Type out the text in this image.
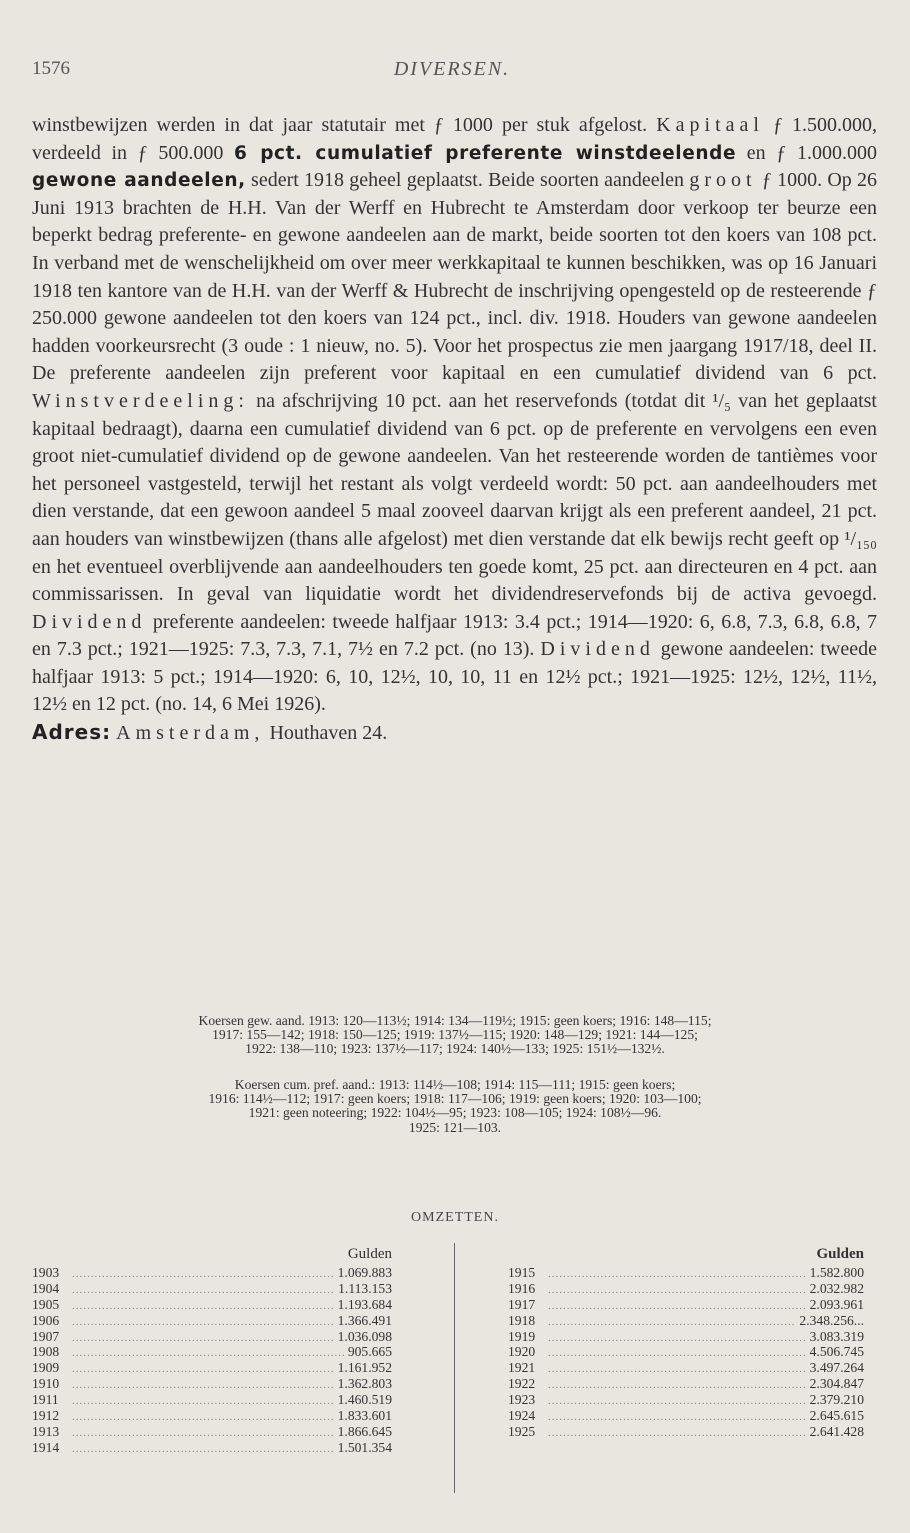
1576	DIVERSEN.
winstbewijzen werden in dat jaar statutair met ƒ 1000 per stuk afgelost. Kapitaal ƒ 1.500.000, verdeeld in ƒ 500.000 6 pct. cumulatief preferente winstdeelende en ƒ 1.000.000 gewone aandeelen, sedert 1918 geheel geplaatst. Beide soorten aandeelen groot ƒ 1000. Op 26 Juni 1913 brachten de H.H. Van der Werff en Hubrecht te Amsterdam door verkoop ter beurze een beperkt bedrag preferente- en gewone aandeelen aan de markt, beide soorten tot den koers van 108 pct. In verband met de wenschelijkheid om over meer werkkapitaal te kunnen beschikken, was op 16 Januari 1918 ten kantore van de H.H. van der Werff & Hubrecht de inschrijving opengesteld op de resteerende ƒ 250.000 gewone aandeelen tot den koers van 124 pct., incl. div. 1918. Houders van gewone aandeelen hadden voorkeursrecht (3 oude : 1 nieuw, no. 5). Voor het prospectus zie men jaargang 1917/18, deel II. De preferente aandeelen zijn preferent voor kapitaal en een cumulatief dividend van 6 pct. Winstverdeeling: na afschrijving 10 pct. aan het reservefonds (totdat dit ¹/₅ van het geplaatst kapitaal bedraagt), daarna een cumulatief dividend van 6 pct. op de preferente en vervolgens een even groot niet-cumulatief dividend op de gewone aandeelen. Van het resteerende worden de tantièmes voor het personeel vastgesteld, terwijl het restant als volgt verdeeld wordt: 50 pct. aan aandeelhouders met dien verstande, dat een gewoon aandeel 5 maal zooveel daarvan krijgt als een preferent aandeel, 21 pct. aan houders van winstbewijzen (thans alle afgelost) met dien verstande dat elk bewijs recht geeft op ¹/₁₅₀ en het eventueel overblijvende aan aandeelhouders ten goede komt, 25 pct. aan directeuren en 4 pct. aan commissarissen. In geval van liquidatie wordt het dividendreservefonds bij de activa gevoegd. Dividend preferente aandeelen: tweede halfjaar 1913: 3.4 pct.; 1914—1920: 6, 6.8, 7.3, 6.8, 6.8, 7 en 7.3 pct.; 1921—1925: 7.3, 7.3, 7.1, 7½ en 7.2 pct. (no 13). Dividend gewone aandeelen: tweede halfjaar 1913: 5 pct.; 1914—1920: 6, 10, 12½, 10, 10, 11 en 12½ pct.; 1921—1925: 12½, 12½, 11½, 12½ en 12 pct. (no. 14, 6 Mei 1926).
Adres: Amsterdam, Houthaven 24.
Koersen gew. aand. 1913: 120—113½; 1914: 134—119½; 1915: geen koers; 1916: 148—115;
1917: 155—142; 1918: 150—125; 1919: 137½—115; 1920: 148—129; 1921: 144—125;
1922: 138—110; 1923: 137½—117; 1924: 140½—133; 1925: 151½—132½.
Koersen cum. pref. aand.: 1913: 114½—108; 1914: 115—111; 1915: geen koers;
1916: 114½—112; 1917: geen koers; 1918: 117—106; 1919: geen koers; 1920: 103—100;
1921: geen noteering; 1922: 104½—95; 1923: 108—105; 1924: 108½—96.
1925: 121—103.
OMZETTEN.
Gulden
1903 .....	1.069.883
1904 .....	1.113.153
1905 .....	1.193.684
1906 .....	1.366.491
1907 .....	1.036.098
1908 .....	905.665
1909 .....	1.161.952
1910 .....	1.362.803
1911 .....	1.460.519
1912 .....	1.833.601
1913 .....	1.866.645
1914 .....	1.501.354
Gulden
1915 .....	1.582.800
1916 .....	2.032.982
1917 .....	2.093.961
1918 .....	2.348.256...
1919 .....	3.083.319
1920 .....	4.506.745
1921 .....	3.497.264
1922 .....	2.304.847
1923 .....	2.379.210
1924 .....	2.645.615
1925 .....	2.641.428
